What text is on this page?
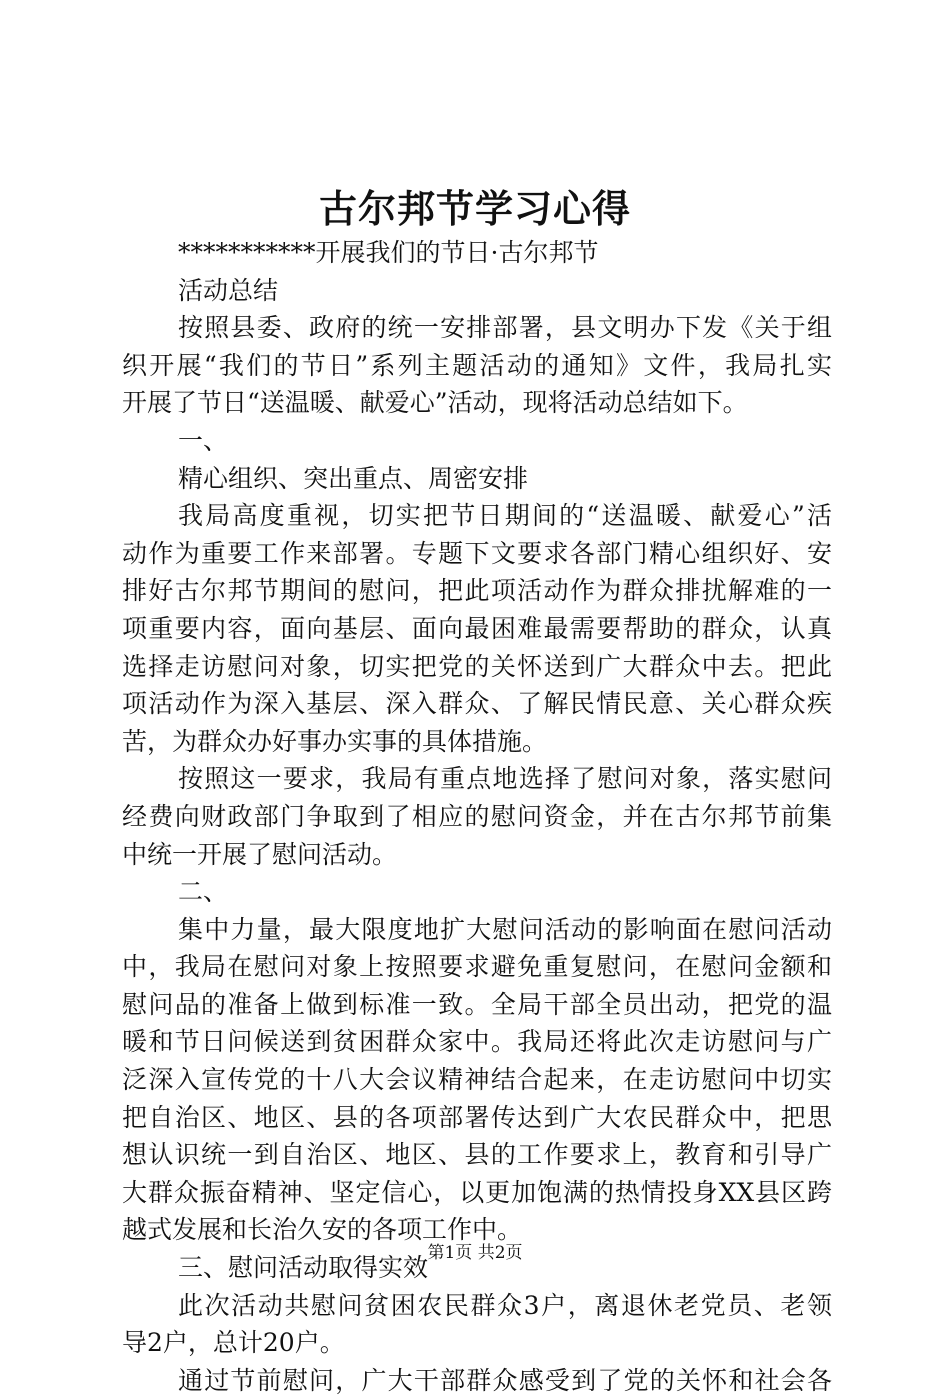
古尔邦节学习心得

***********开展我们的节日·古尔邦节

活动总结

按照县委、政府的统一安排部署，县文明办下发《关于组

织开展“我们的节日”系列主题活动的通知》文件，我局扎实

开展了节日“送温暖、献爱心”活动，现将活动总结如下。

一、

精心组织、突出重点、周密安排

我局高度重视，切实把节日期间的“送温暖、献爱心”活

动作为重要工作来部署。专题下文要求各部门精心组织好、安

排好古尔邦节期间的慰问，把此项活动作为群众排扰解难的一

项重要内容，面向基层、面向最困难最需要帮助的群众，认真

选择走访慰问对象，切实把党的关怀送到广大群众中去。把此

项活动作为深入基层、深入群众、了解民情民意、关心群众疾

苦，为群众办好事办实事的具体措施。

按照这一要求，我局有重点地选择了慰问对象，落实慰问

经费向财政部门争取到了相应的慰问资金，并在古尔邦节前集

中统一开展了慰问活动。

二、

集中力量，最大限度地扩大慰问活动的影响面在慰问活动

中，我局在慰问对象上按照要求避免重复慰问，在慰问金额和

慰问品的准备上做到标准一致。全局干部全员出动，把党的温

暖和节日问候送到贫困群众家中。我局还将此次走访慰问与广

泛深入宣传党的十八大会议精神结合起来，在走访慰问中切实

把自治区、地区、县的各项部署传达到广大农民群众中，把思

想认识统一到自治区、地区、县的工作要求上，教育和引导广

大群众振奋精神、坚定信心，以更加饱满的热情投身XX县区跨

越式发展和长治久安的各项工作中。

三、慰问活动取得实效

此次活动共慰问贫困农民群众3户，离退休老党员、老领

导2户，总计20户。

通过节前慰问，广大干部群众感受到了党的关怀和社会各

第1页 共2页
